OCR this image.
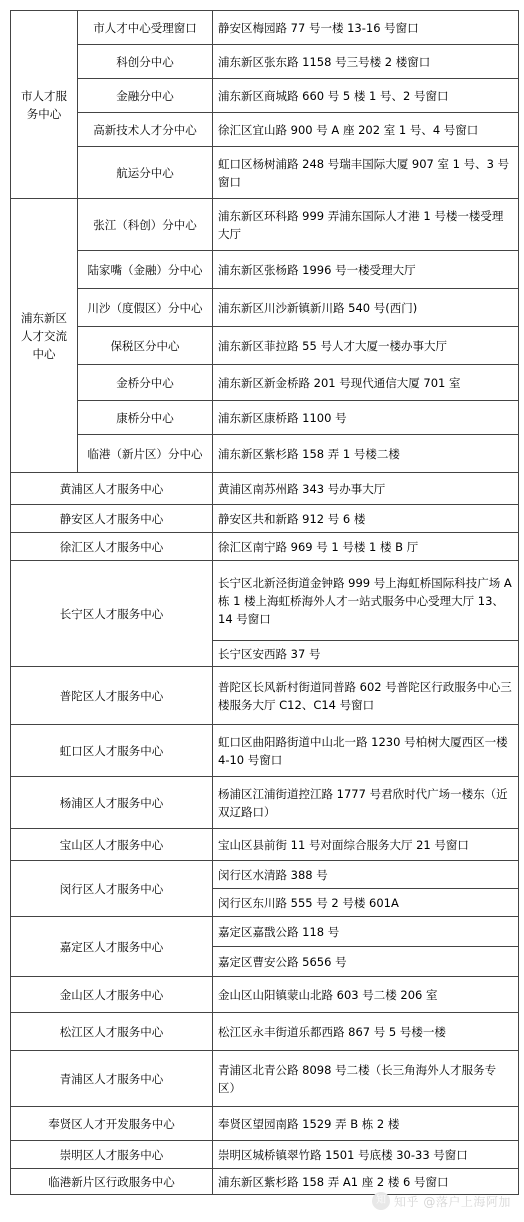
市人才服务中心	市人才中心受理窗口	静安区梅园路 77 号一楼 13-16 号窗口
	科创分中心	浦东新区张东路 1158 号三号楼 2 楼窗口
	金融分中心	浦东新区商城路 660 号 5 楼 1 号、2 号窗口
	高新技术人才分中心	徐汇区宜山路 900 号 A 座 202 室 1 号、4 号窗口
	航运分中心	虹口区杨树浦路 248 号瑞丰国际大厦 907 室 1 号、3 号窗口
浦东新区人才交流中心	张江（科创）分中心	浦东新区环科路 999 弄浦东国际人才港 1 号楼一楼受理大厅
	陆家嘴（金融）分中心	浦东新区张杨路 1996 号一楼受理大厅
	川沙（度假区）分中心	浦东新区川沙新镇新川路 540 号(西门)
	保税区分中心	浦东新区菲拉路 55 号人才大厦一楼办事大厅
	金桥分中心	浦东新区新金桥路 201 号现代通信大厦 701 室
	康桥分中心	浦东新区康桥路 1100 号
	临港（新片区）分中心	浦东新区紫杉路 158 弄 1 号楼二楼
黄浦区人才服务中心		黄浦区南苏州路 343 号办事大厅
静安区人才服务中心		静安区共和新路 912 号 6 楼
徐汇区人才服务中心		徐汇区南宁路 969 号 1 号楼 1 楼 B 厅
长宁区人才服务中心		长宁区北新泾街道金钟路 999 号上海虹桥国际科技广场 A 栋 1 楼上海虹桥海外人才一站式服务中心受理大厅 13、14 号窗口
		长宁区安西路 37 号
普陀区人才服务中心		普陀区长风新村街道同普路 602 号普陀区行政服务中心三楼服务大厅 C12、C14 号窗口
虹口区人才服务中心		虹口区曲阳路街道中山北一路 1230 号柏树大厦西区一楼 4-10 号窗口
杨浦区人才服务中心		杨浦区江浦街道控江路 1777 号君欣时代广场一楼东（近双辽路口）
宝山区人才服务中心		宝山区县前街 11 号对面综合服务大厅 21 号窗口
闵行区人才服务中心		闵行区水清路 388 号
		闵行区东川路 555 号 2 号楼 601A
嘉定区人才服务中心		嘉定区嘉戬公路 118 号
		嘉定区曹安公路 5656 号
金山区人才服务中心		金山区山阳镇蒙山北路 603 号二楼 206 室
松江区人才服务中心		松江区永丰街道乐都西路 867 号 5 号楼一楼
青浦区人才服务中心		青浦区北青公路 8098 号二楼（长三角海外人才服务专区）
奉贤区人才开发服务中心		奉贤区望园南路 1529 弄 B 栋 2 楼
崇明区人才服务中心		崇明区城桥镇翠竹路 1501 号底楼 30-33 号窗口
临港新片区行政服务中心		浦东新区紫杉路 158 弄 A1 座 2 楼 6 号窗口
知 知乎 @落户上海阿加
